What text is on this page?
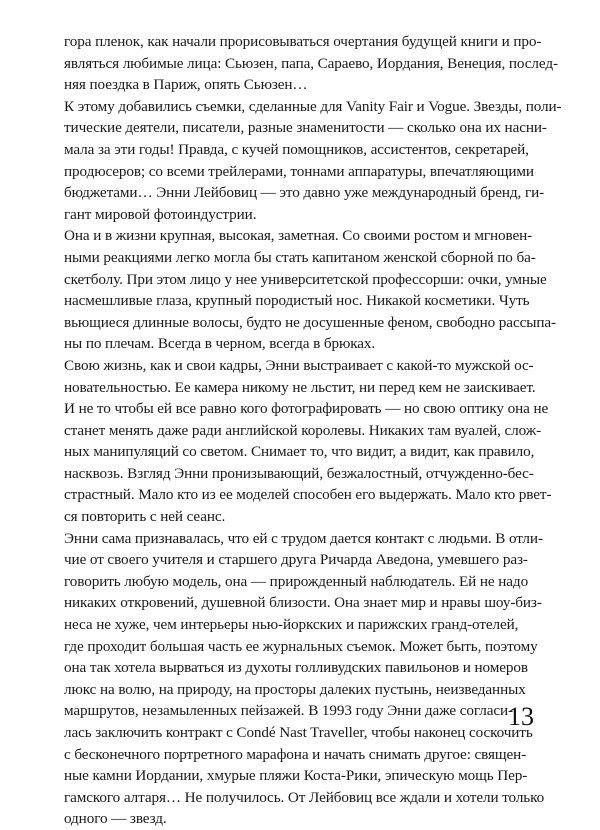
гора пленок, как начали прорисовываться очертания будущей книги и про-
являться любимые лица: Сьюзен, папа, Сараево, Иордания, Венеция, послед-
няя поездка в Париж, опять Сьюзен…
К этому добавились съемки, сделанные для Vanity Fair и Vogue. Звезды, поли-
тические деятели, писатели, разные знаменитости — сколько она их насни-
мала за эти годы! Правда, с кучей помощников, ассистентов, секретарей,
продюсеров; со всеми трейлерами, тоннами аппаратуры, впечатляющими
бюджетами… Энни Лейбовиц — это давно уже международный бренд, ги-
гант мировой фотоиндустрии.
Она и в жизни крупная, высокая, заметная. Со своими ростом и мгновен-
ными реакциями легко могла бы стать капитаном женской сборной по ба-
скетболу. При этом лицо у нее университетской профессорши: очки, умные
насмешливые глаза, крупный породистый нос. Никакой косметики. Чуть
вьющиеся длинные волосы, будто не досушенные феном, свободно рассыпа-
ны по плечам. Всегда в черном, всегда в брюках.
Свою жизнь, как и свои кадры, Энни выстраивает с какой-то мужской ос-
новательностью. Ее камера никому не льстит, ни перед кем не заискивает.
И не то чтобы ей все равно кого фотографировать — но свою оптику она не
станет менять даже ради английской королевы. Никаких там вуалей, слож-
ных манипуляций со светом. Снимает то, что видит, а видит, как правило,
насквозь. Взгляд Энни пронизывающий, безжалостный, отчужденно-бес-
страстный. Мало кто из ее моделей способен его выдержать. Мало кто рвет-
ся повторить с ней сеанс.
Энни сама признавалась, что ей с трудом дается контакт с людьми. В отли-
чие от своего учителя и старшего друга Ричарда Аведона, умевшего раз-
говорить любую модель, она — прирожденный наблюдатель. Ей не надо
никаких откровений, душевной близости. Она знает мир и нравы шоу-биз-
неса не хуже, чем интерьеры нью-йоркских и парижских гранд-отелей,
где проходит большая часть ее журнальных съемок. Может быть, поэтому
она так хотела вырваться из духоты голливудских павильонов и номеров
люкс на волю, на природу, на просторы далеких пустынь, неизведанных
маршрутов, незамыленных пейзажей. В 1993 году Энни даже согласи-
лась заключить контракт с Condé Nast Traveller, чтобы наконец соскочить
с бесконечного портретного марафона и начать снимать другое: священ-
ные камни Иордании, хмурые пляжи Коста-Рики, эпическую мощь Пер-
гамского алтаря… Не получилось. От Лейбовиц все ждали и хотели только
одного — звезд.
13
